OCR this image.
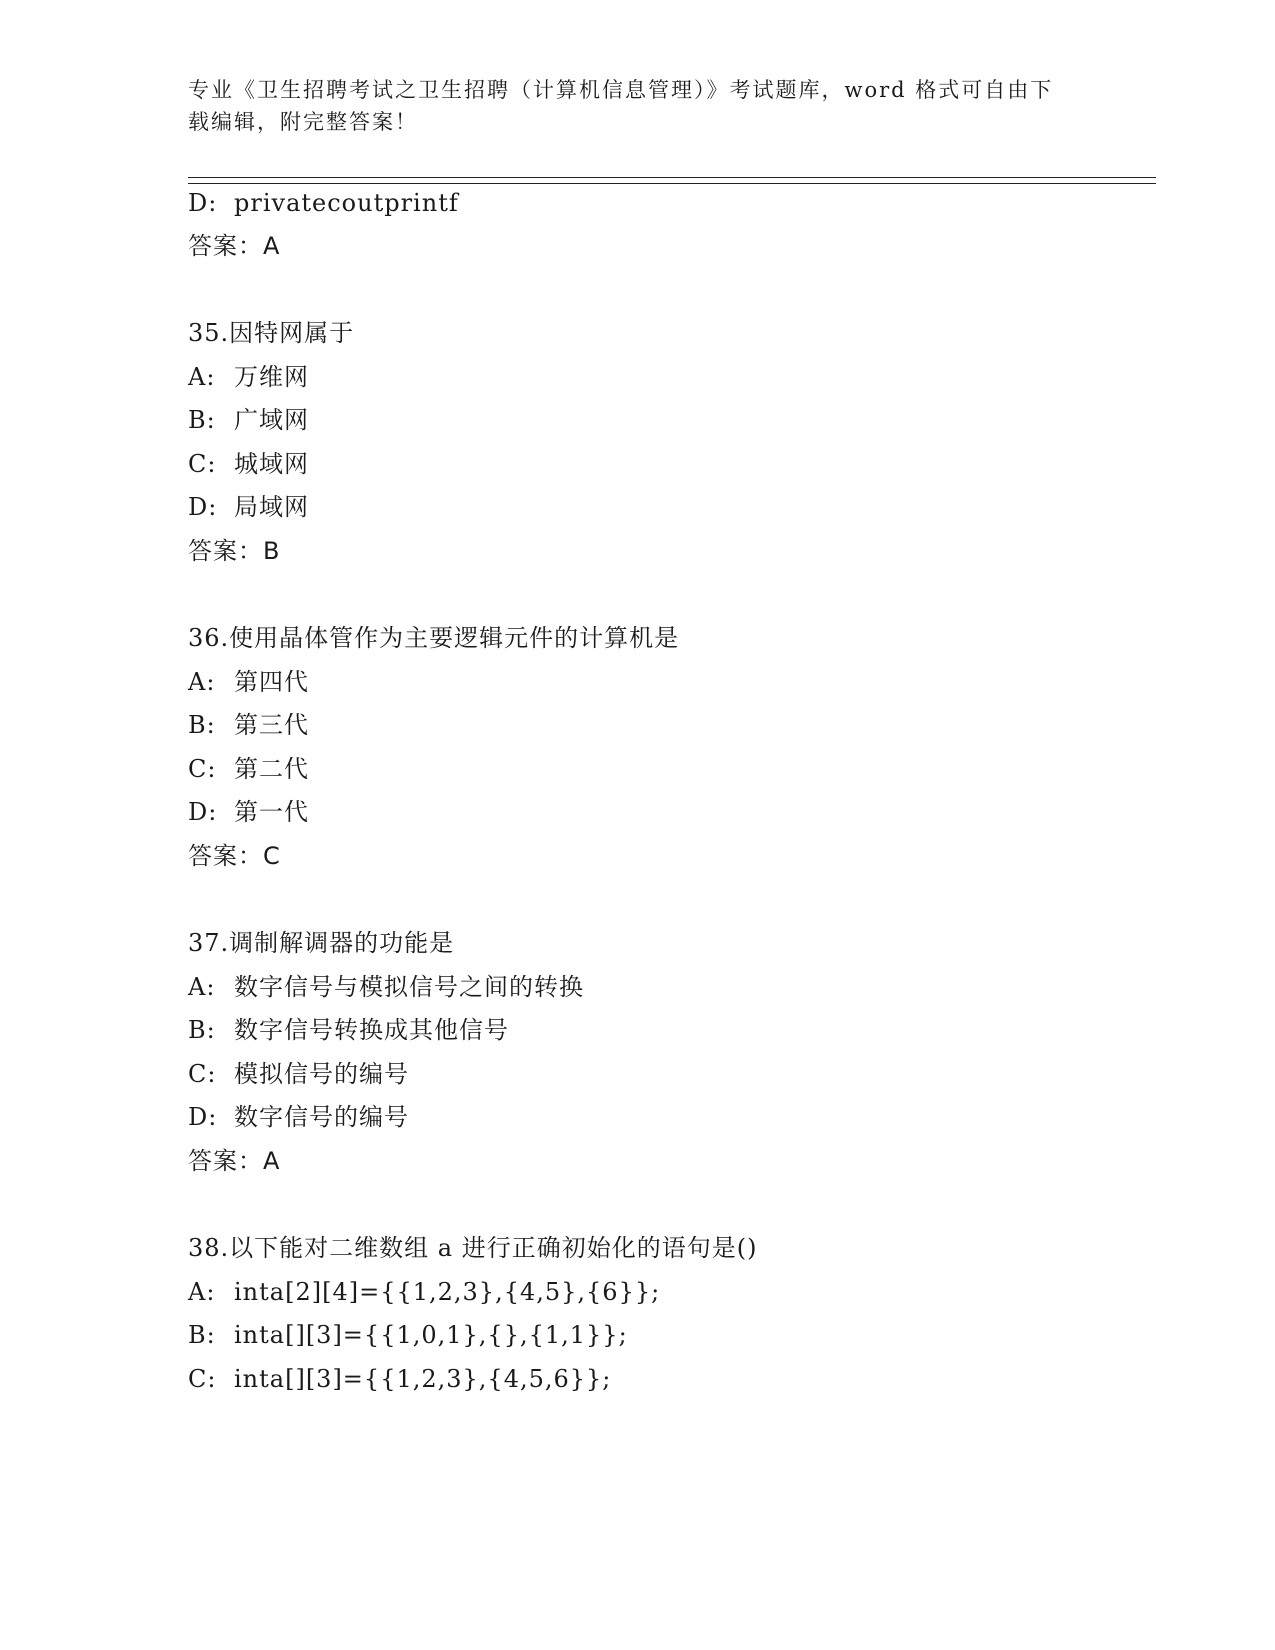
专业《卫生招聘考试之卫生招聘（计算机信息管理）》考试题库，word 格式可自由下载编辑，附完整答案！
D: privatecoutprintf
答案：A
35.因特网属于
A: 万维网
B: 广域网
C: 城域网
D: 局域网
答案：B
36.使用晶体管作为主要逻辑元件的计算机是
A: 第四代
B: 第三代
C: 第二代
D: 第一代
答案：C
37.调制解调器的功能是
A: 数字信号与模拟信号之间的转换
B: 数字信号转换成其他信号
C: 模拟信号的编号
D: 数字信号的编号
答案：A
38.以下能对二维数组 a 进行正确初始化的语句是()
A: inta[2][4]={{1,2,3},{4,5},{6}};
B: inta[][3]={{1,0,1},{},{1,1}};
C: inta[][3]={{1,2,3},{4,5,6}};
